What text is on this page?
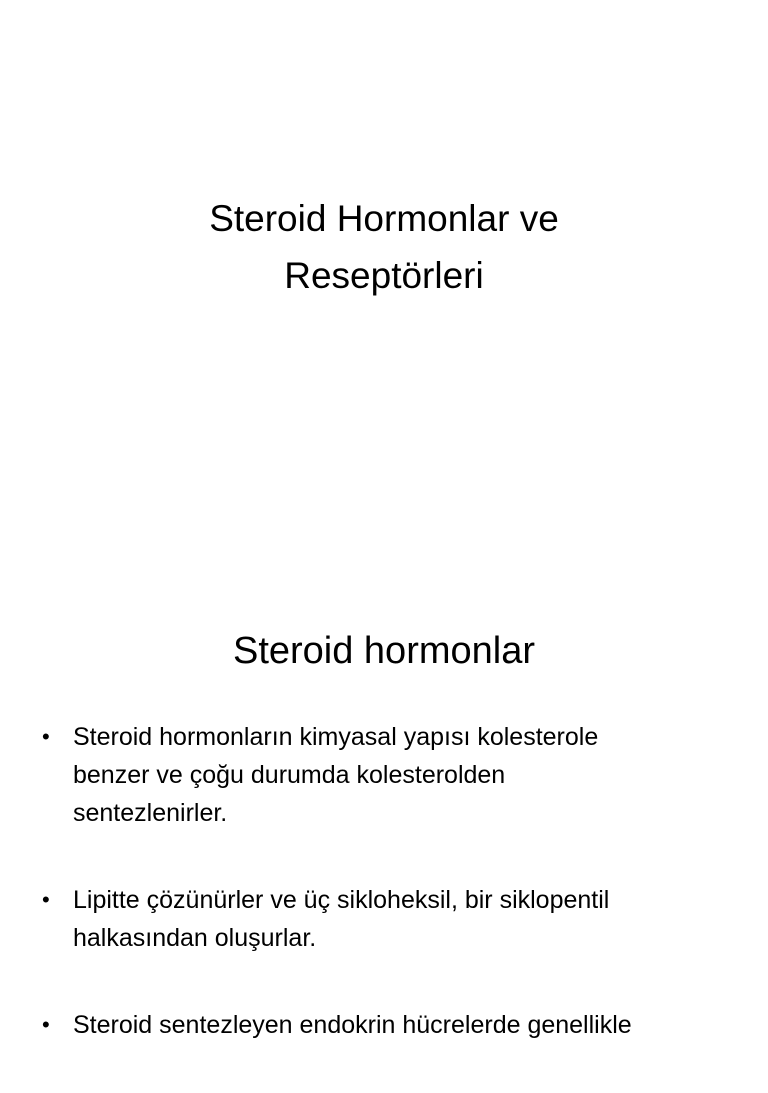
Steroid Hormonlar ve
Reseptörleri
Steroid hormonlar
• Steroid hormonların kimyasal yapısı kolesterole
benzer ve çoğu durumda kolesterolden
sentezlenirler.
• Lipitte çözünürler ve üç sikloheksil, bir siklopentil
halkasından oluşurlar.
• Steroid sentezleyen endokrin hücrelerde genellikle
